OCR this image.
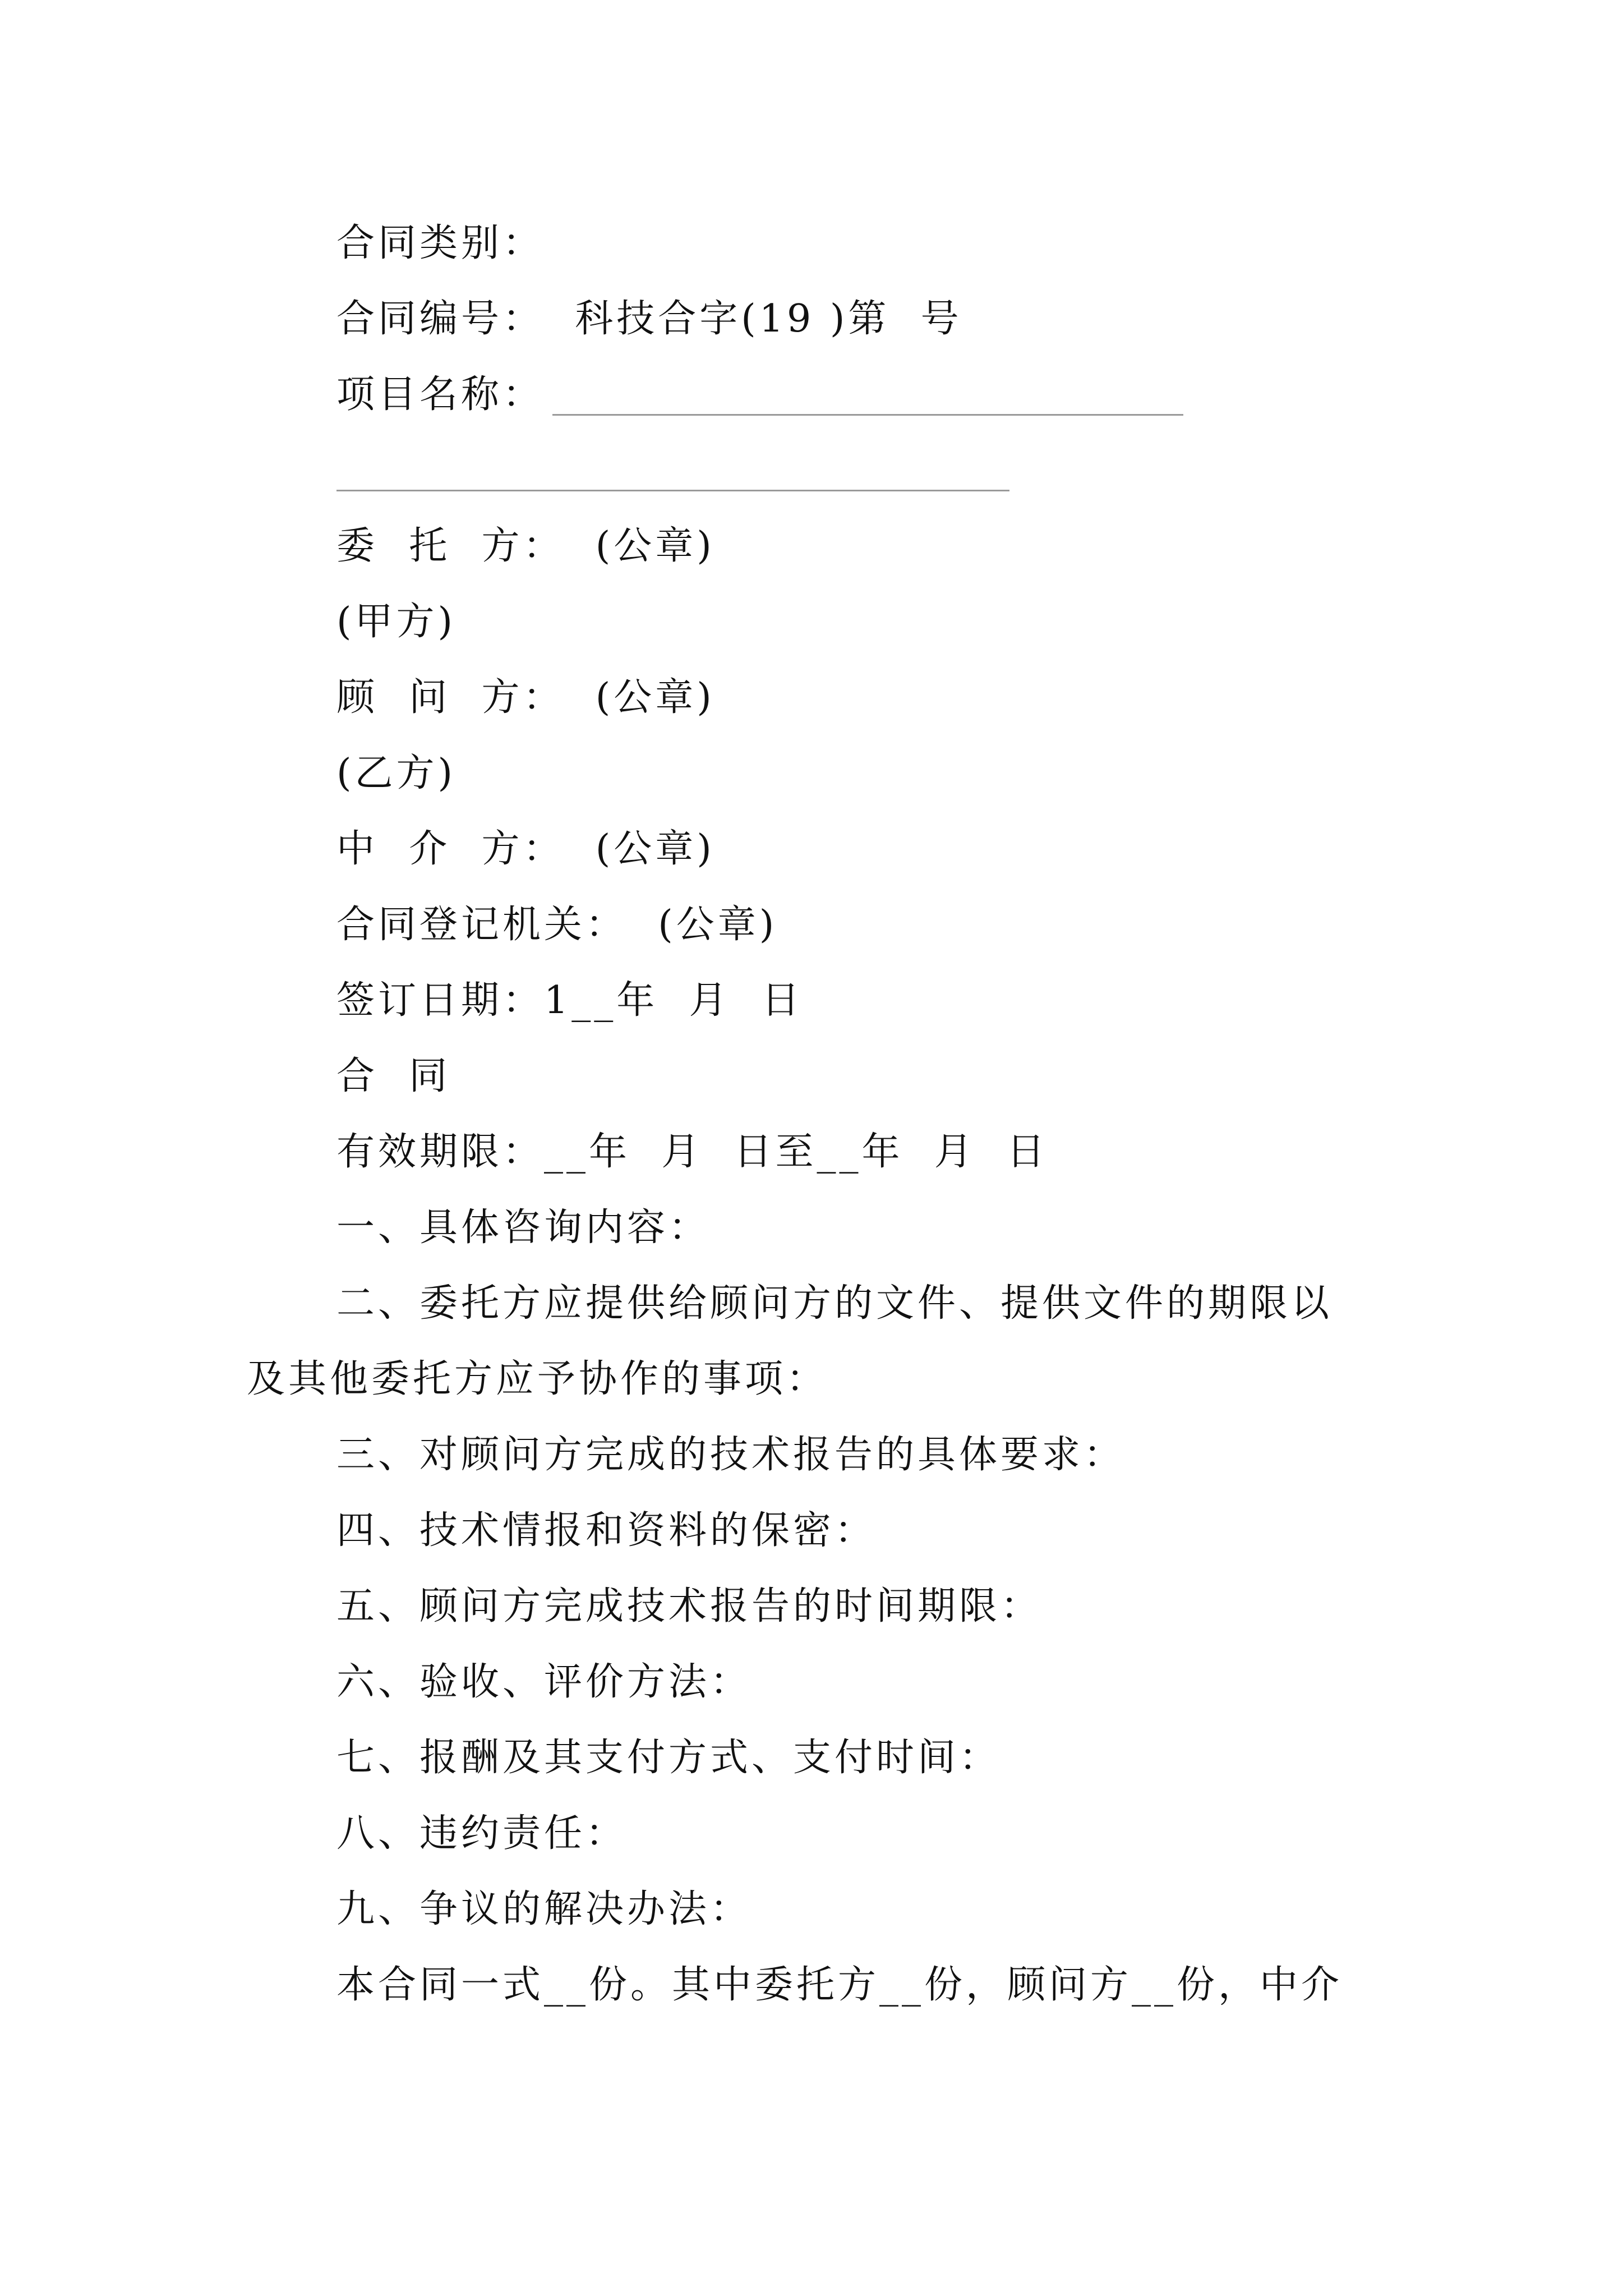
合同类别：
合同编号：  科技合字(19 )第  号
项目名称：
委  托  方：  (公章)
(甲方)
顾  问  方：  (公章)
(乙方)
中  介  方：  (公章)
合同登记机关：  (公章)
签订日期：1__年  月  日
合  同
有效期限：__年  月  日至__年  月  日
一、具体咨询内容：
二、委托方应提供给顾问方的文件、提供文件的期限以
及其他委托方应予协作的事项：
三、对顾问方完成的技术报告的具体要求：
四、技术情报和资料的保密：
五、顾问方完成技术报告的时间期限：
六、验收、评价方法：
七、报酬及其支付方式、支付时间：
八、违约责任：
九、争议的解决办法：
本合同一式__份。其中委托方__份，顾问方__份，中介
